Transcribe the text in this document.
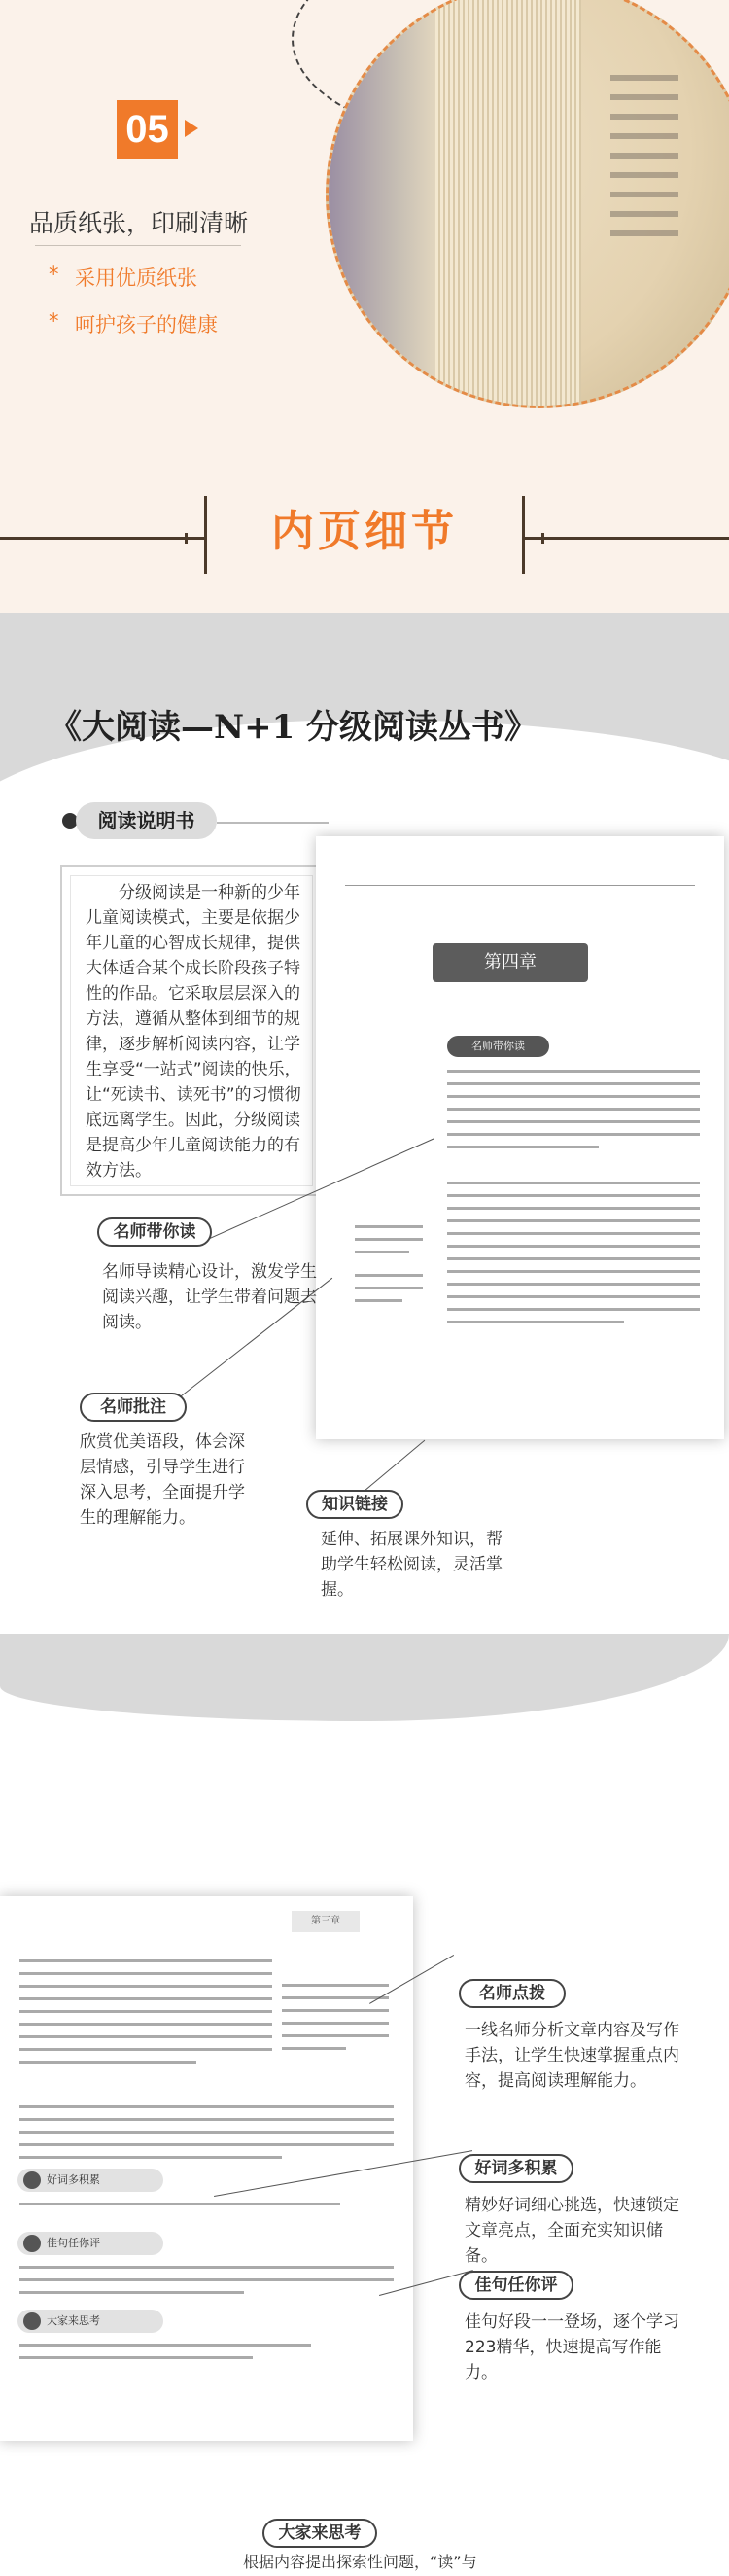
05
品质纸张，印刷清晰
* 采用优质纸张
* 呵护孩子的健康
内页细节
《大阅读—N+1 分级阅读丛书》
阅读说明书
分级阅读是一种新的少年儿童阅读模式，主要是依据少年儿童的心智成长规律，提供大体适合某个成长阶段孩子特性的作品。它采取层层深入的方法，遵循从整体到细节的规律，逐步解析阅读内容，让学生享受“一站式”阅读的快乐，让“死读书、读死书”的习惯彻底远离学生。因此，分级阅读是提高少年儿童阅读能力的有效方法。
第四章
名师带你读
名师带你读
名师导读精心设计，激发学生阅读兴趣，让学生带着问题去阅读。
名师批注
欣赏优美语段，体会深层情感，引导学生进行深入思考，全面提升学生的理解能力。
知识链接
延伸、拓展课外知识，帮助学生轻松阅读，灵活掌握。
第三章
好词多积累
佳句任你评
大家来思考
名师点拨
一线名师分析文章内容及写作手法，让学生快速掌握重点内容，提高阅读理解能力。
好词多积累
精妙好词细心挑选，快速锁定文章亮点，全面充实知识储备。
佳句任你评
佳句好段一一登场，逐个学习223精华，快速提高写作能力。
大家来思考
根据内容提出探索性问题，“读”与
